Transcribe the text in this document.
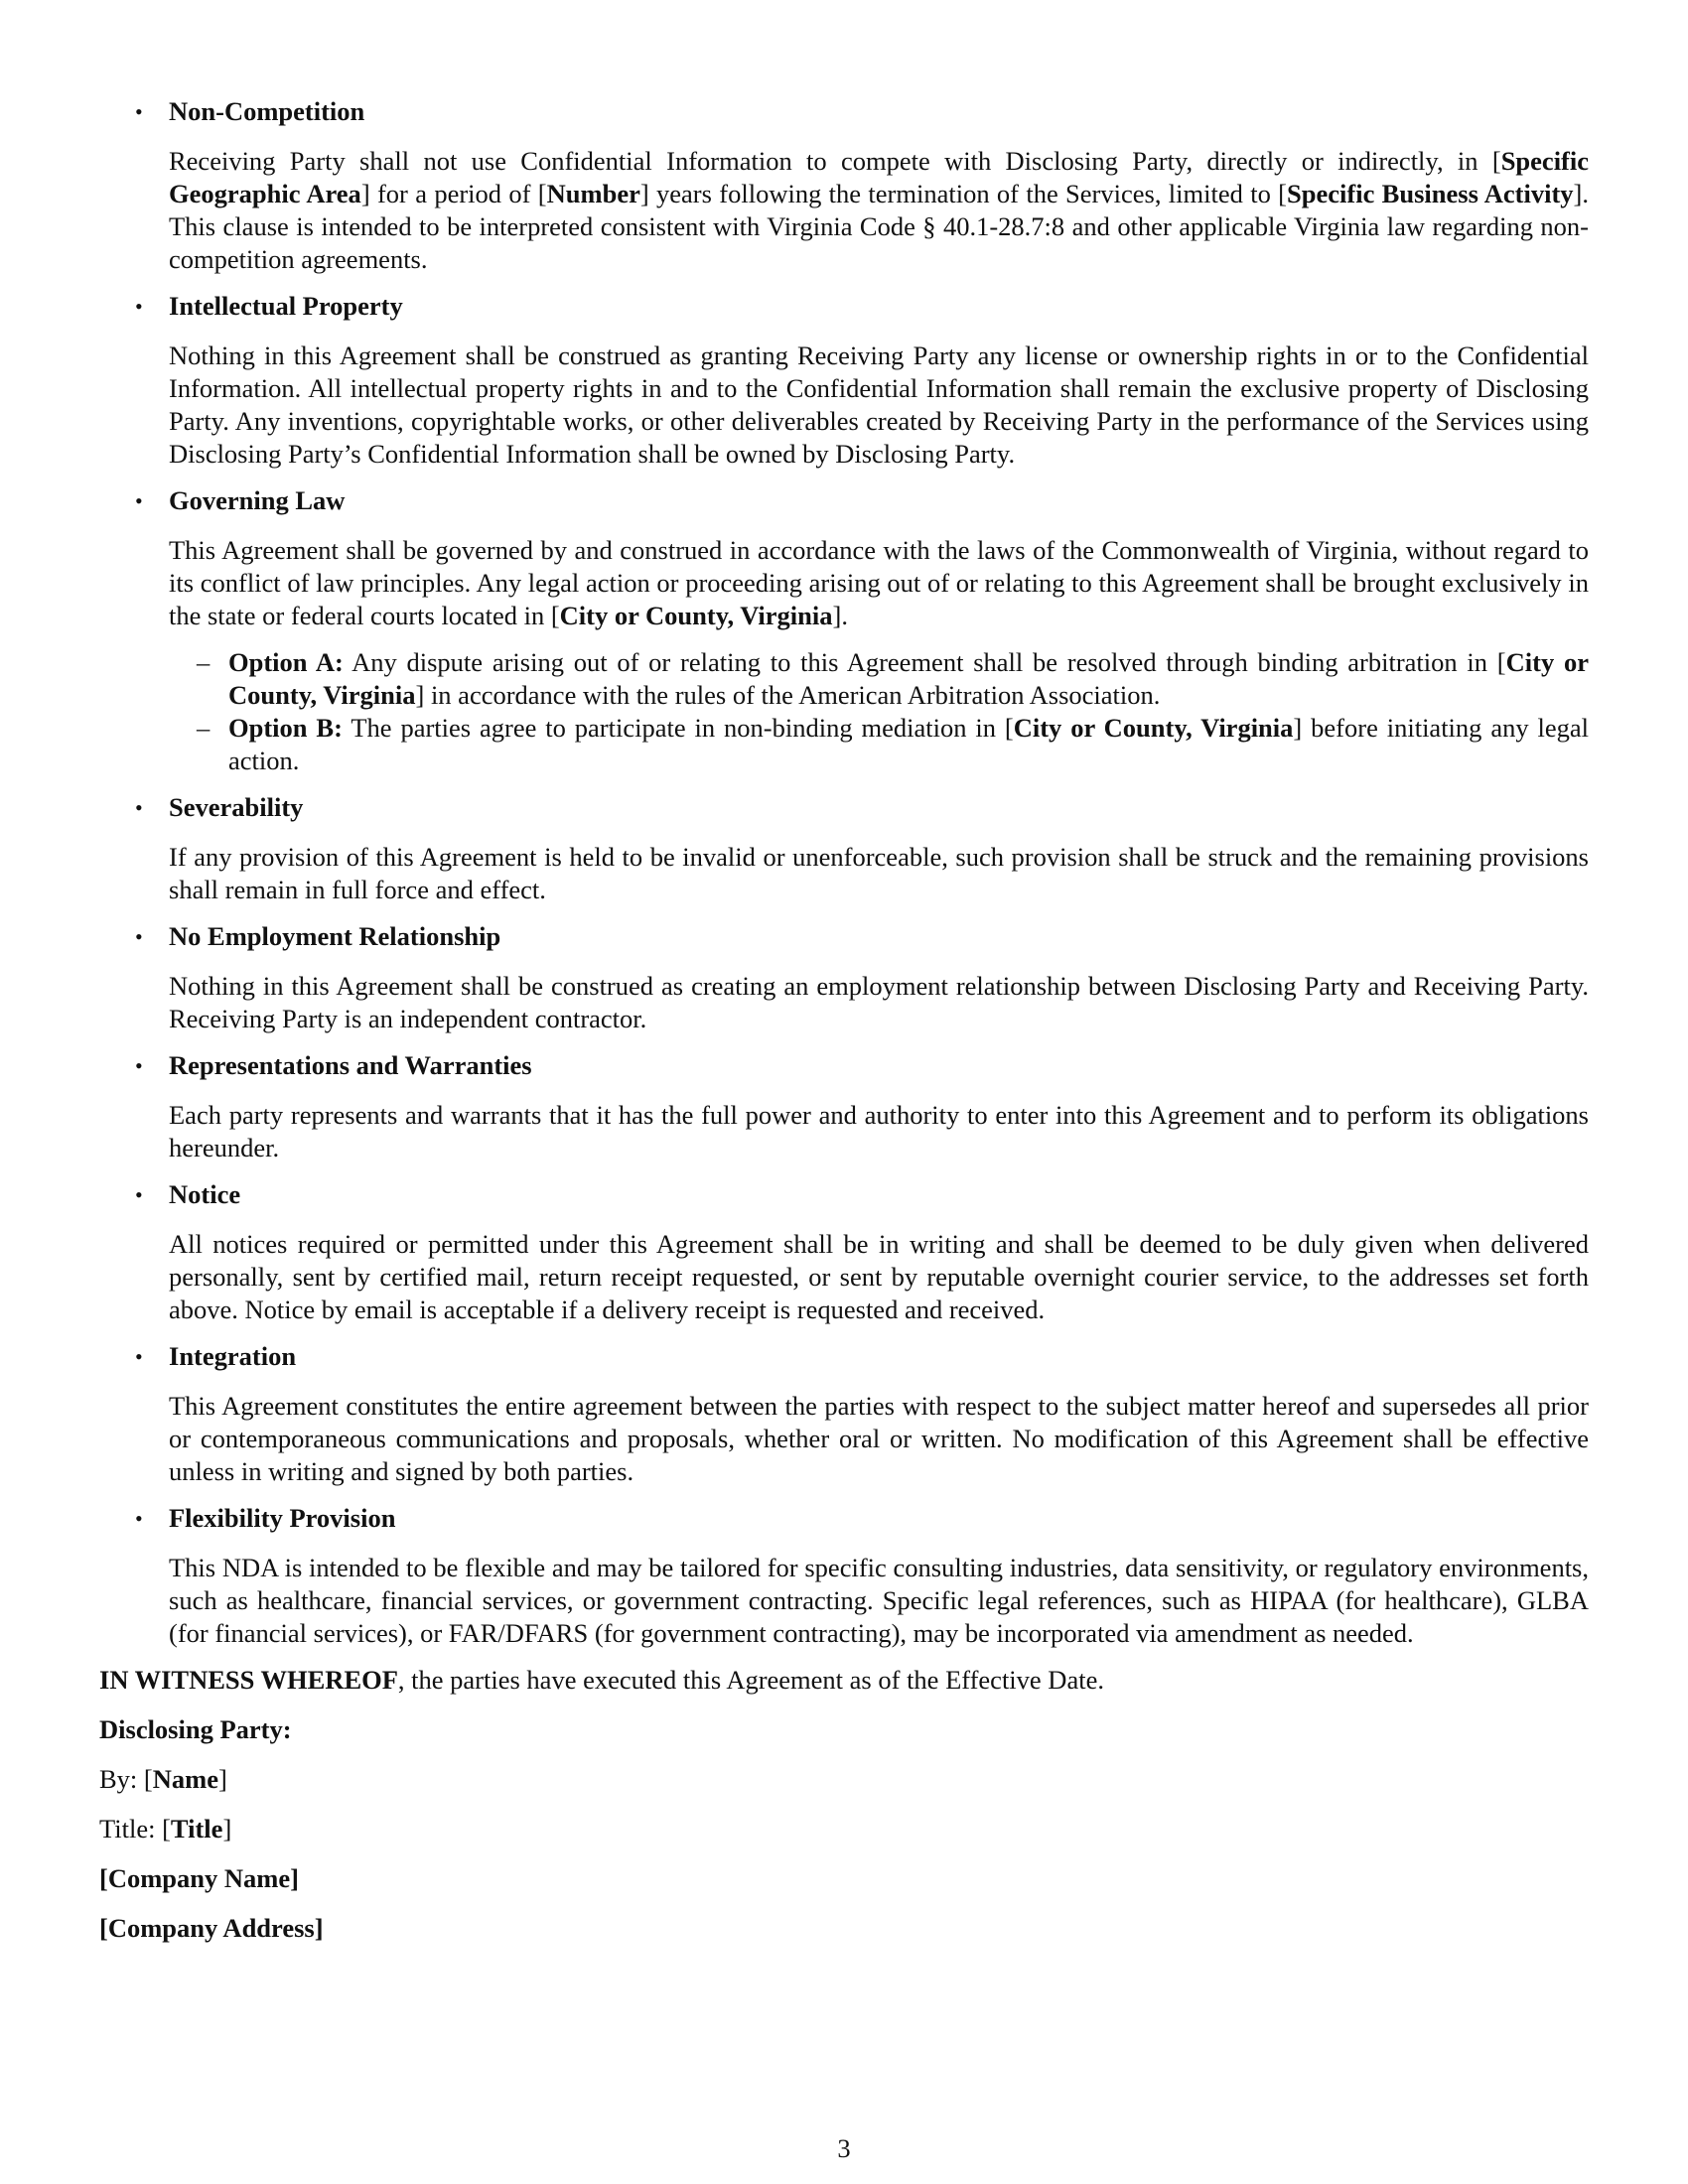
• Non-Competition

Receiving Party shall not use Confidential Information to compete with Disclosing Party, directly or indirectly, in [Specific Geographic Area] for a period of [Number] years following the termination of the Services, limited to [Specific Business Activity]. This clause is intended to be interpreted consistent with Virginia Code § 40.1-28.7:8 and other applicable Virginia law regarding non-competition agreements.

• Intellectual Property

Nothing in this Agreement shall be construed as granting Receiving Party any license or ownership rights in or to the Confidential Information. All intellectual property rights in and to the Confidential Information shall remain the exclusive property of Disclosing Party. Any inventions, copyrightable works, or other deliverables created by Receiving Party in the performance of the Services using Disclosing Party’s Confidential Information shall be owned by Disclosing Party.

• Governing Law

This Agreement shall be governed by and construed in accordance with the laws of the Commonwealth of Virginia, without regard to its conflict of law principles. Any legal action or proceeding arising out of or relating to this Agreement shall be brought exclusively in the state or federal courts located in [City or County, Virginia].

– Option A: Any dispute arising out of or relating to this Agreement shall be resolved through binding arbitration in [City or County, Virginia] in accordance with the rules of the American Arbitration Association.
– Option B: The parties agree to participate in non-binding mediation in [City or County, Virginia] before initiating any legal action.
• Severability

If any provision of this Agreement is held to be invalid or unenforceable, such provision shall be struck and the remaining provisions shall remain in full force and effect.

• No Employment Relationship

Nothing in this Agreement shall be construed as creating an employment relationship between Disclosing Party and Receiving Party. Receiving Party is an independent contractor.

• Representations and Warranties

Each party represents and warrants that it has the full power and authority to enter into this Agreement and to perform its obligations hereunder.

• Notice

All notices required or permitted under this Agreement shall be in writing and shall be deemed to be duly given when delivered personally, sent by certified mail, return receipt requested, or sent by reputable overnight courier service, to the addresses set forth above. Notice by email is acceptable if a delivery receipt is requested and received.

• Integration

This Agreement constitutes the entire agreement between the parties with respect to the subject matter hereof and supersedes all prior or contemporaneous communications and proposals, whether oral or written. No modification of this Agreement shall be effective unless in writing and signed by both parties.

• Flexibility Provision

This NDA is intended to be flexible and may be tailored for specific consulting industries, data sensitivity, or regulatory environments, such as healthcare, financial services, or government contracting. Specific legal references, such as HIPAA (for healthcare), GLBA (for financial services), or FAR/DFARS (for government contracting), may be incorporated via amendment as needed.

IN WITNESS WHEREOF, the parties have executed this Agreement as of the Effective Date.

Disclosing Party:

By: [Name]

Title: [Title]

[Company Name]

[Company Address]

3
